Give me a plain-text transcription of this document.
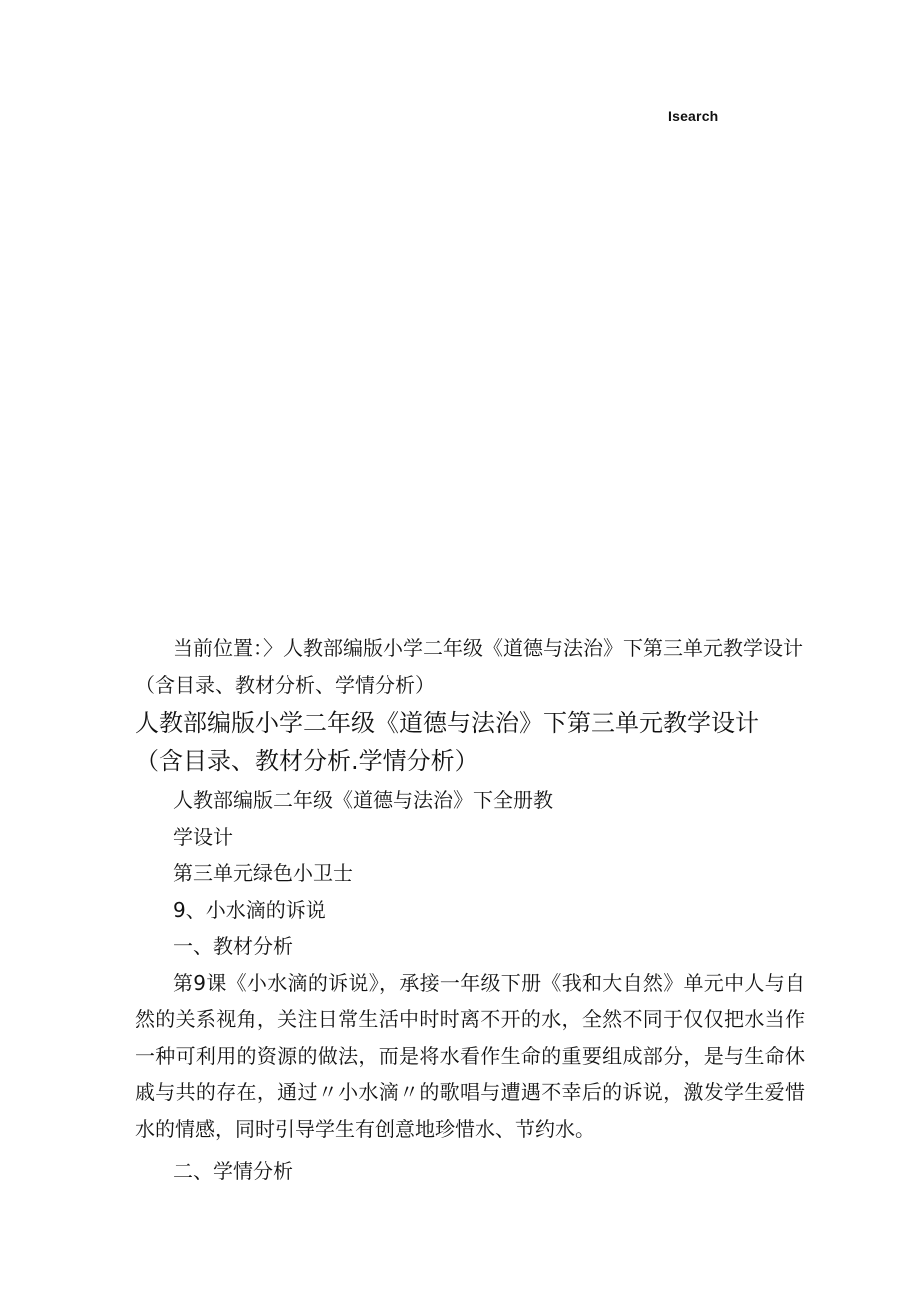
Isearch

当前位置：〉人教部编版小学二年级《道德与法治》下第三单元教学设计（含目录、教材分析、学情分析）

人教部编版小学二年级《道德与法治》下第三单元教学设计（含目录、教材分析.学情分析）

人教部编版二年级《道德与法治》下全册教

学设计

第三单元绿色小卫士

9、小水滴的诉说

一、教材分析

第9课《小水滴的诉说》，承接一年级下册《我和大自然》单元中人与自然的关系视角，关注日常生活中时时离不开的水，全然不同于仅仅把水当作一种可利用的资源的做法，而是将水看作生命的重要组成部分，是与生命休戚与共的存在，通过〃小水滴〃的歌唱与遭遇不幸后的诉说，激发学生爱惜水的情感，同时引导学生有创意地珍惜水、节约水。

二、学情分析
